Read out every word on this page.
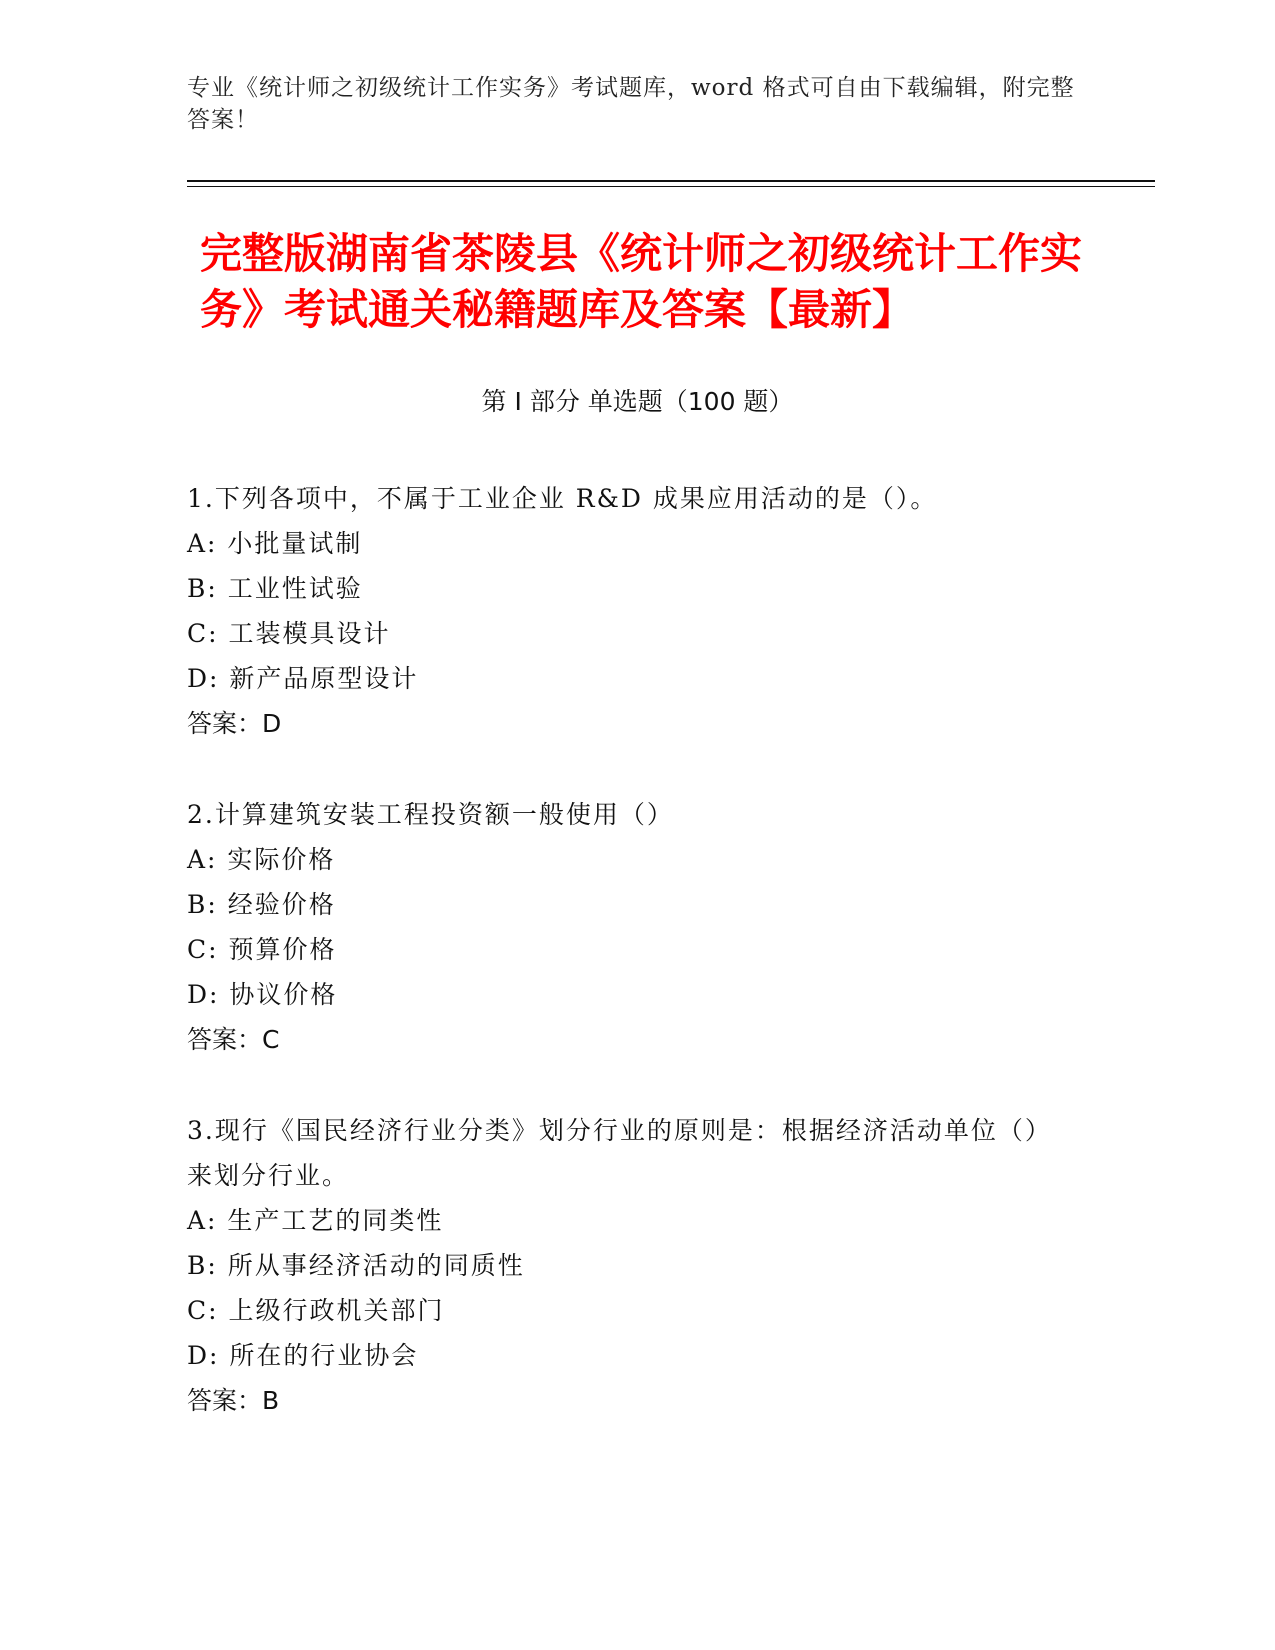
专业《统计师之初级统计工作实务》考试题库，word 格式可自由下载编辑，附完整答案！
完整版湖南省茶陵县《统计师之初级统计工作实务》考试通关秘籍题库及答案【最新】
第 I 部分 单选题（100 题）
1.下列各项中，不属于工业企业 R&D 成果应用活动的是（）。
A: 小批量试制
B: 工业性试验
C: 工装模具设计
D: 新产品原型设计
答案：D
2.计算建筑安装工程投资额一般使用（）
A: 实际价格
B: 经验价格
C: 预算价格
D: 协议价格
答案：C
3.现行《国民经济行业分类》划分行业的原则是：根据经济活动单位（）来划分行业。
A: 生产工艺的同类性
B: 所从事经济活动的同质性
C: 上级行政机关部门
D: 所在的行业协会
答案：B
